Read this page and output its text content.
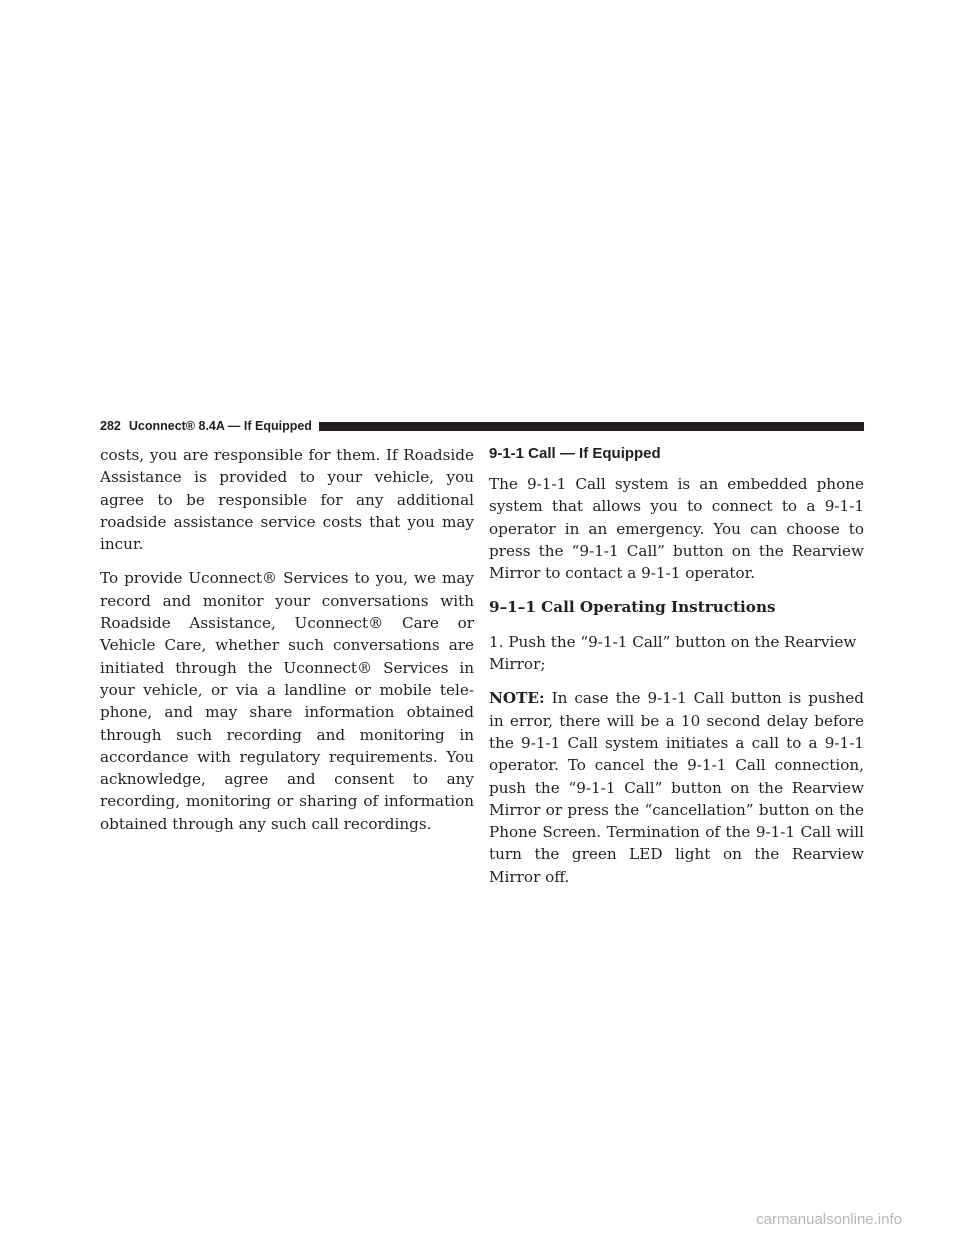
282 Uconnect® 8.4A — If Equipped

costs, you are responsible for them. If Roadside Assistance is provided to your vehicle, you agree to be responsible for any additional roadside assistance service costs that you may incur.

To provide Uconnect® Services to you, we may record and monitor your conversations with Roadside Assistance, Uconnect® Care or Vehicle Care, whether such conversations are initiated through the Uconnect® Services in your vehicle, or via a landline or mobile telephone, and may share information obtained through such recording and monitoring in accordance with regulatory requirements. You acknowledge, agree and consent to any recording, monitoring or sharing of information obtained through any such call recordings.

9-1-1 Call — If Equipped

The 9-1-1 Call system is an embedded phone system that allows you to connect to a 9-1-1 operator in an emergency. You can choose to press the “9-1-1 Call” button on the Rearview Mirror to contact a 9-1-1 operator.

9–1–1 Call Operating Instructions

1. Push the “9-1-1 Call” button on the Rearview Mirror;

NOTE: In case the 9-1-1 Call button is pushed in error, there will be a 10 second delay before the 9-1-1 Call system initiates a call to a 9-1-1 operator. To cancel the 9-1-1 Call connection, push the “9-1-1 Call” button on the Rearview Mirror or press the “cancellation” button on the Phone Screen. Termination of the 9-1-1 Call will turn the green LED light on the Rearview Mirror off.

carmanualsonline.info
